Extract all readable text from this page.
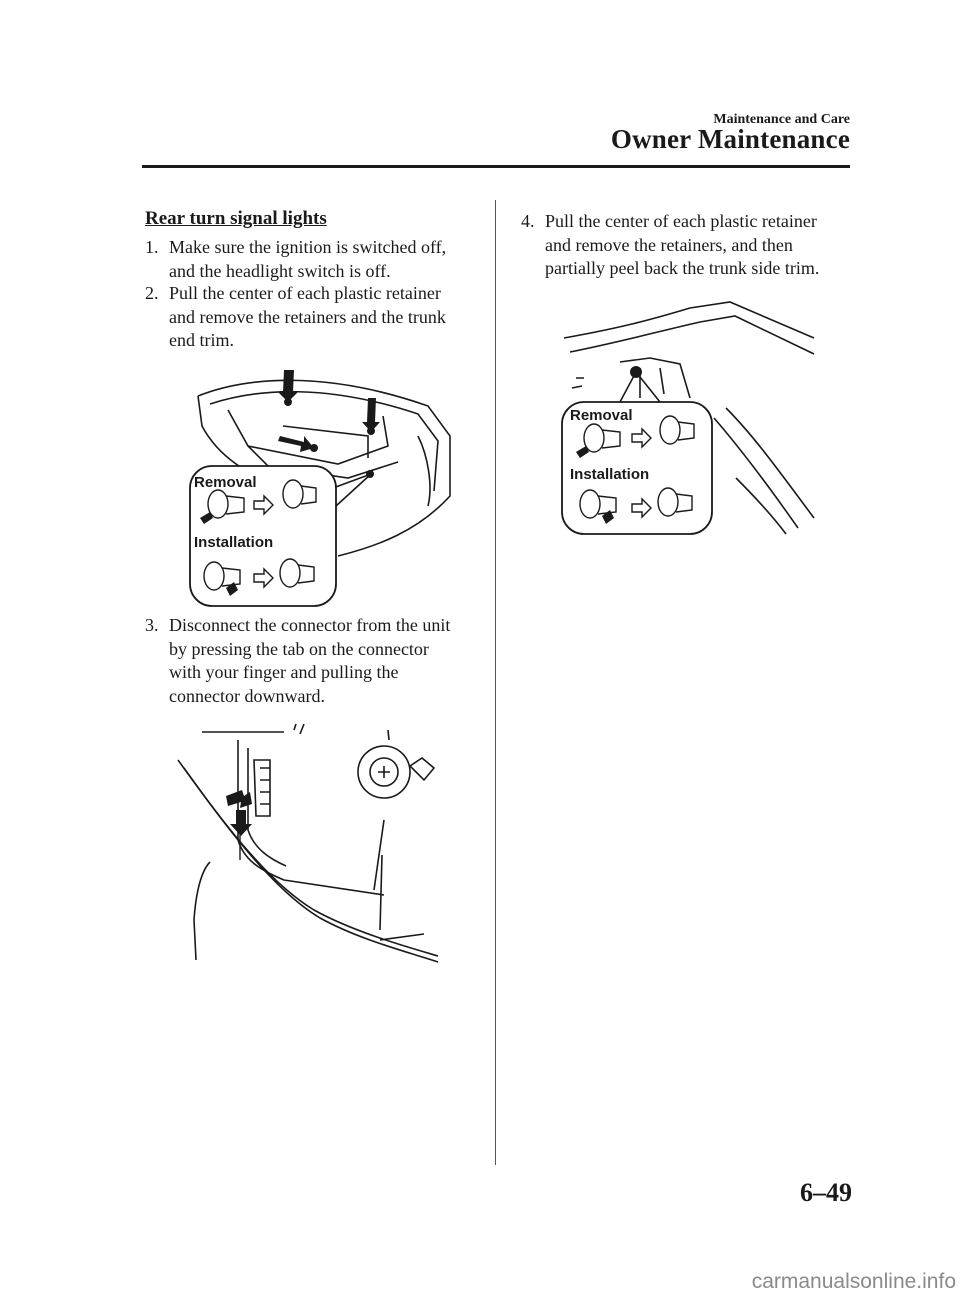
Maintenance and Care
Owner Maintenance
Rear turn signal lights
1. Make sure the ignition is switched off,
and the headlight switch is off.
2. Pull the center of each plastic retainer
and remove the retainers and the trunk
end trim.
Removal
Installation
3. Disconnect the connector from the unit
by pressing the tab on the connector
with your finger and pulling the
connector downward.
4. Pull the center of each plastic retainer
and remove the retainers, and then
partially peel back the trunk side trim.
Removal
Installation
6–49
carmanualsonline.info
